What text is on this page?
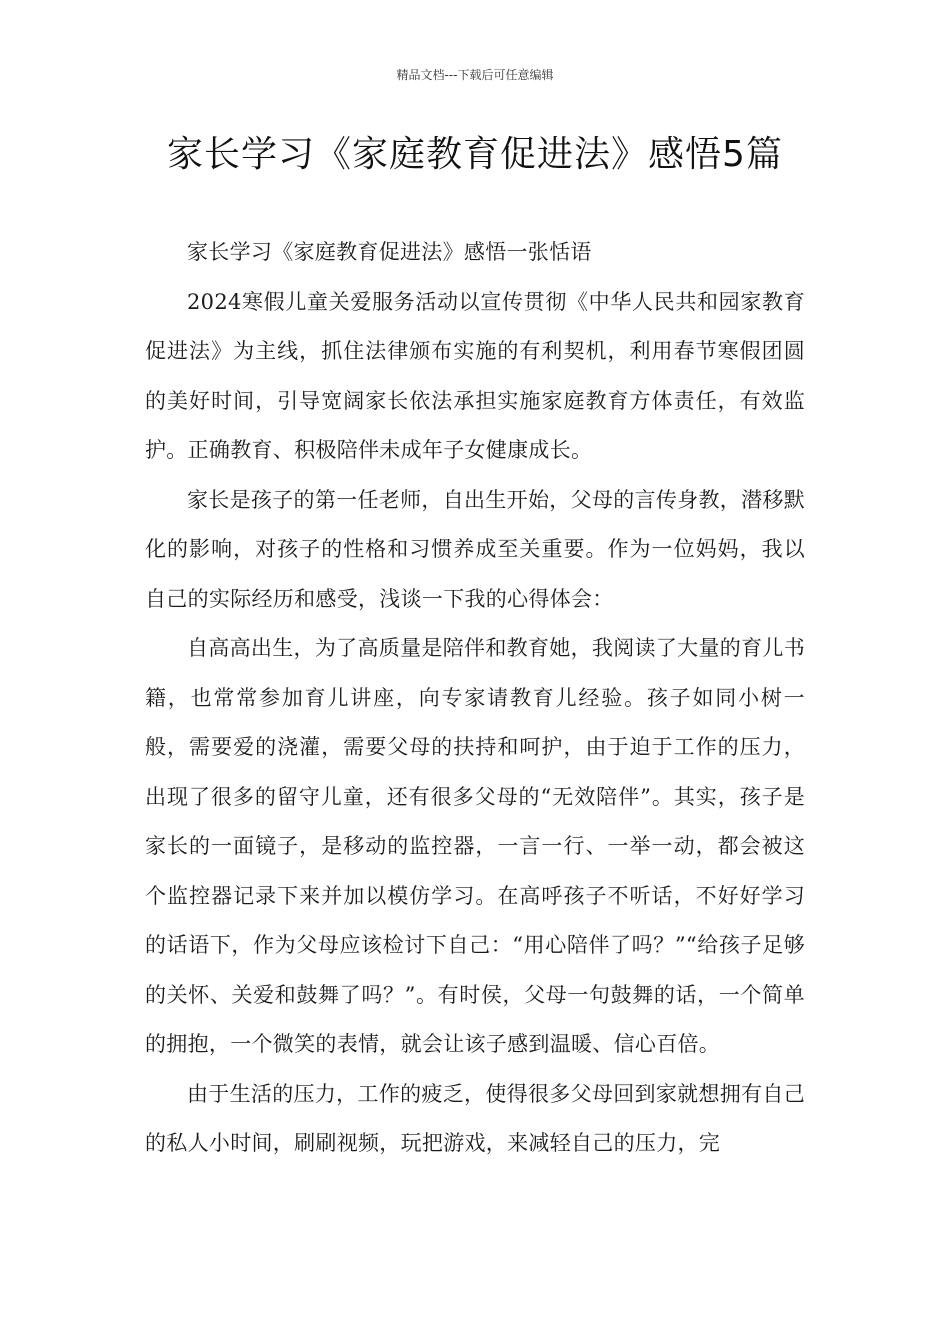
精品文档---下载后可任意编辑
家长学习《家庭教育促进法》感悟5篇

家长学习《家庭教育促进法》感悟一张恬语

2024寒假儿童关爱服务活动以宣传贯彻《中华人民共和园家教育促进法》为主线，抓住法律颁布实施的有利契机，利用春节寒假团圆的美好时间，引导宽阔家长依法承担实施家庭教育方体责任，有效监护。正确教育、积极陪伴未成年子女健康成长。

家长是孩子的第一任老师，自出生开始，父母的言传身教，潜移默化的影响，对孩子的性格和习惯养成至关重要。作为一位妈妈，我以自己的实际经历和感受，浅谈一下我的心得体会：

自高高出生，为了高质量是陪伴和教育她，我阅读了大量的育儿书籍，也常常参加育儿讲座，向专家请教育儿经验。孩子如同小树一般，需要爱的浇灌，需要父母的扶持和呵护，由于迫于工作的压力，出现了很多的留守儿童，还有很多父母的“无效陪伴”。其实，孩子是家长的一面镜子，是移动的监控器，一言一行、一举一动，都会被这个监控器记录下来并加以模仿学习。在高呼孩子不听话，不好好学习的话语下，作为父母应该检讨下自己：“用心陪伴了吗？”“给孩子足够的关怀、关爱和鼓舞了吗？”。有时侯，父母一句鼓舞的话，一个简单的拥抱，一个微笑的表情，就会让该子感到温暖、信心百倍。

由于生活的压力，工作的疲乏，使得很多父母回到家就想拥有自己的私人小时间，刷刷视频，玩把游戏，来减轻自己的压力，完
